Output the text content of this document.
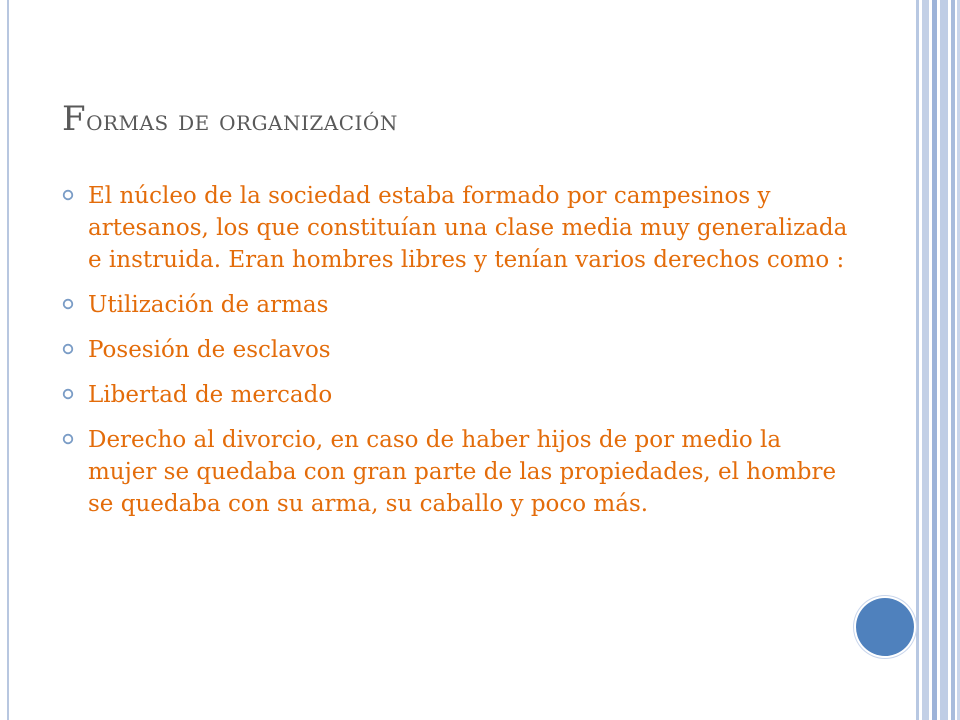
Formas de organización
El núcleo de la sociedad estaba formado por campesinos y artesanos, los que constituían una clase media muy generalizada e instruida. Eran hombres libres y tenían varios derechos como :
Utilización de armas
Posesión de esclavos
Libertad de mercado
Derecho al divorcio, en caso de haber hijos de por medio la mujer se quedaba con gran parte de las propiedades, el hombre se quedaba con su arma, su caballo y poco más.
